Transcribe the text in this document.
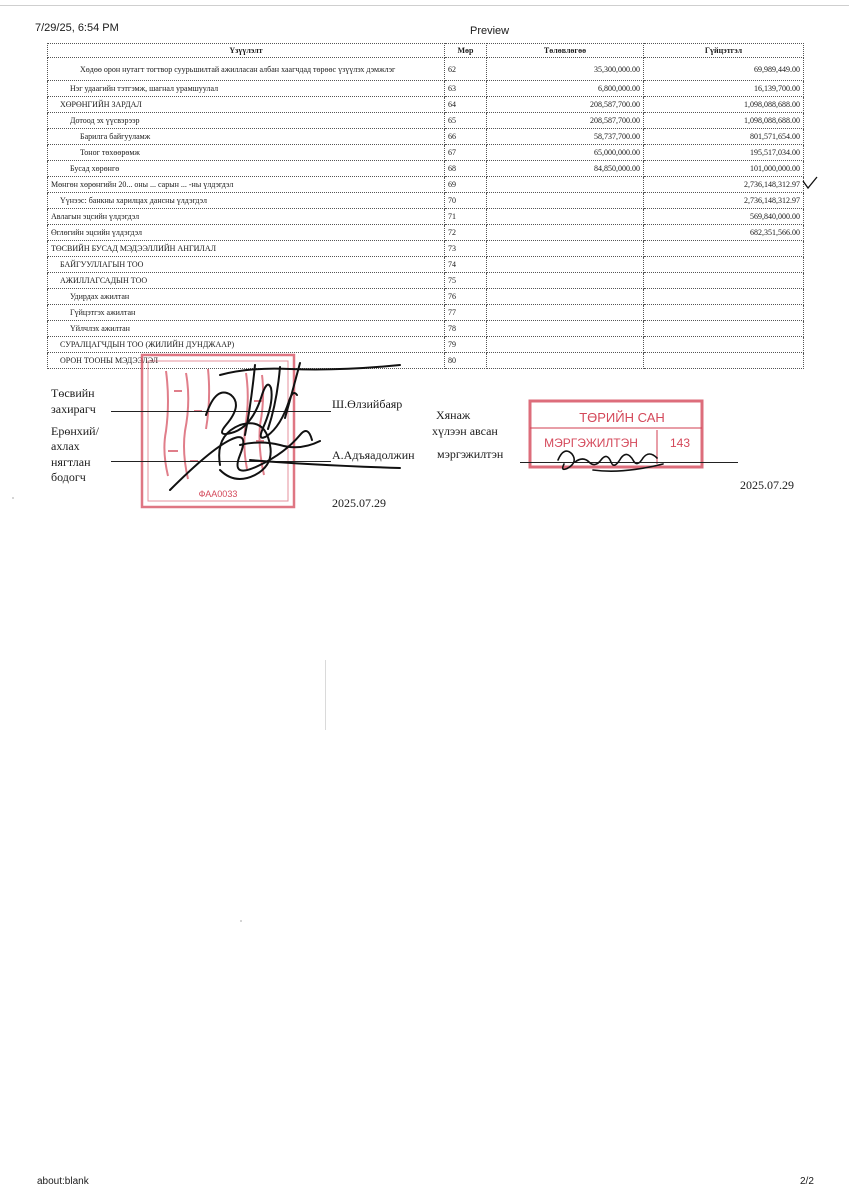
7/29/25, 6:54 PM	Preview
Үзүүлэлт	Мөр	Төлөвлөгөө	Гүйцэтгэл
Хөдөө орон нутагт тогтвор суурьшилтай ажилласан албан хаагчдад төрөөс үзүүлэх дэмжлэг	62	35,300,000.00	69,989,449.00
Нэг удаагийн тэтгэмж, шагнал урамшуулал	63	6,800,000.00	16,139,700.00
ХӨРӨНГИЙН ЗАРДАЛ	64	208,587,700.00	1,098,088,688.00
Дотоод эх үүсвэрээр	65	208,587,700.00	1,098,088,688.00
Барилга байгууламж	66	58,737,700.00	801,571,654.00
Тоног төхөөрөмж	67	65,000,000.00	195,517,034.00
Бусад хөрөнгө	68	84,850,000.00	101,000,000.00
Мөнгөн хөрөнгийн 20... оны ... сарын ... -ны үлдэгдэл	69		2,736,148,312.97
Үүнээс: банкны харилцах дансны үлдэгдэл	70		2,736,148,312.97
Авлагын эцсийн үлдэгдэл	71		569,840,000.00
Өглөгийн эцсийн үлдэгдэл	72		682,351,566.00
ТӨСВИЙН БУСАД МЭДЭЭЛЛИЙН АНГИЛАЛ	73		
БАЙГУУЛЛАГЫН ТОО	74		
АЖИЛЛАГСАДЫН ТОО	75		
Удирдах ажилтан	76		
Гүйцэтгэх ажилтан	77		
Үйлчлэх ажилтан	78		
СУРАЛЦАГЧДЫН ТОО (ЖИЛИЙН ДУНДЖААР)	79		
ОРОН ТООНЫ МЭДЭЭЛЭЛ	80		
ФАА0033
ТӨРИЙН САН
МЭРГЭЖИЛТЭН	143
Төсвийн
захирагч	Ш.Өлзийбаяр
Ерөнхий/
ахлах
нягтлан
бодогч
А.Адъяадолжин
Хянаж
хүлээн авсан
мэргэжилтэн
2025.07.29
2025.07.29
about:blank	2/2
